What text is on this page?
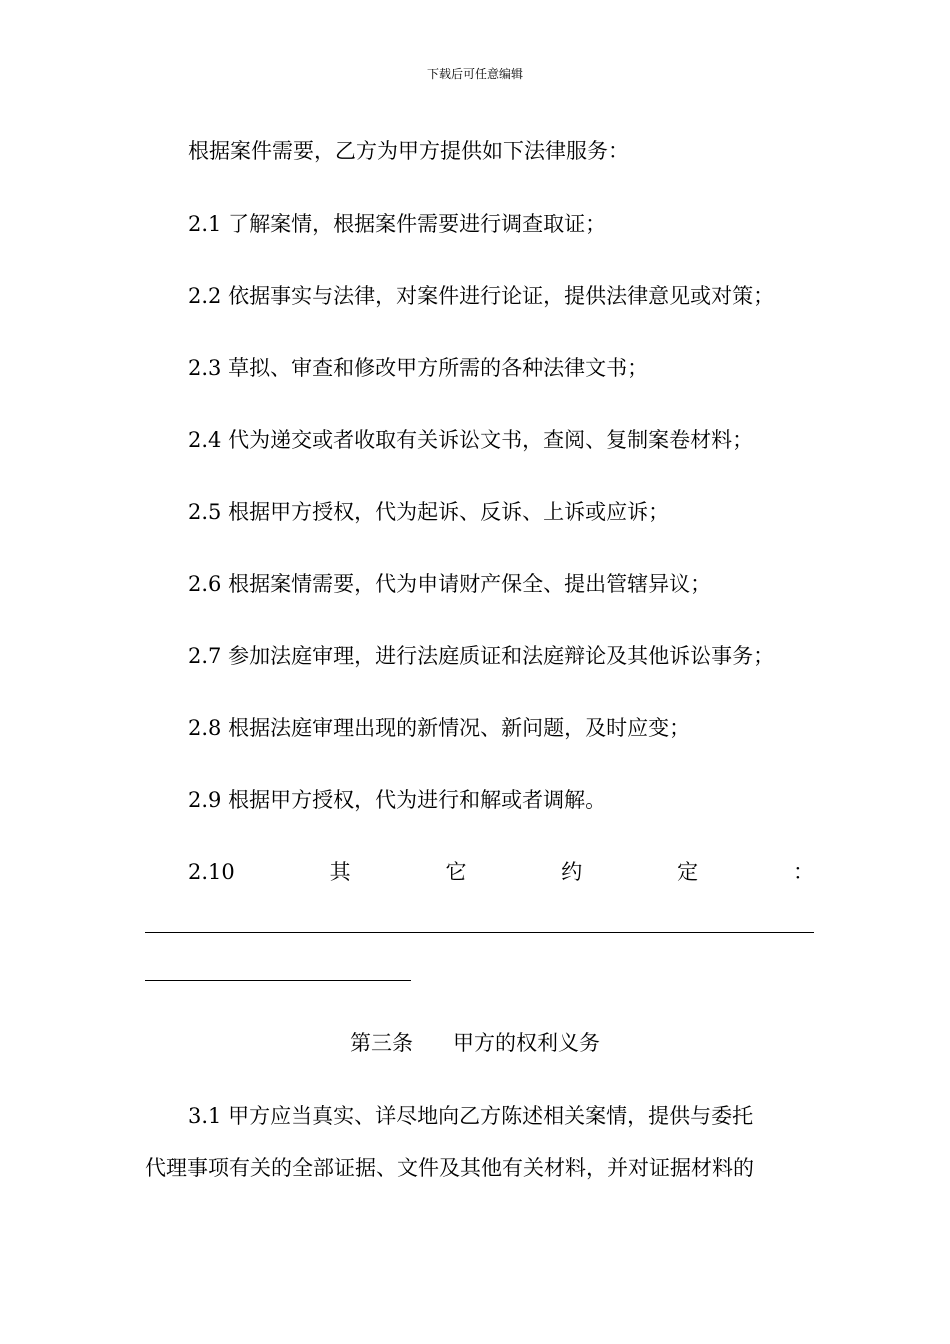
下载后可任意编辑
根据案件需要，乙方为甲方提供如下法律服务：
2.1 了解案情，根据案件需要进行调查取证；
2.2 依据事实与法律，对案件进行论证，提供法律意见或对策；
2.3 草拟、审查和修改甲方所需的各种法律文书；
2.4 代为递交或者收取有关诉讼文书，查阅、复制案卷材料；
2.5 根据甲方授权，代为起诉、反诉、上诉或应诉；
2.6 根据案情需要，代为申请财产保全、提出管辖异议；
2.7 参加法庭审理，进行法庭质证和法庭辩论及其他诉讼事务；
2.8 根据法庭审理出现的新情况、新问题，及时应变；
2.9 根据甲方授权，代为进行和解或者调解。
2.10	其	它	约	定	：
第三条      甲方的权利义务
3.1 甲方应当真实、详尽地向乙方陈述相关案情，提供与委托
代理事项有关的全部证据、文件及其他有关材料，并对证据材料的
